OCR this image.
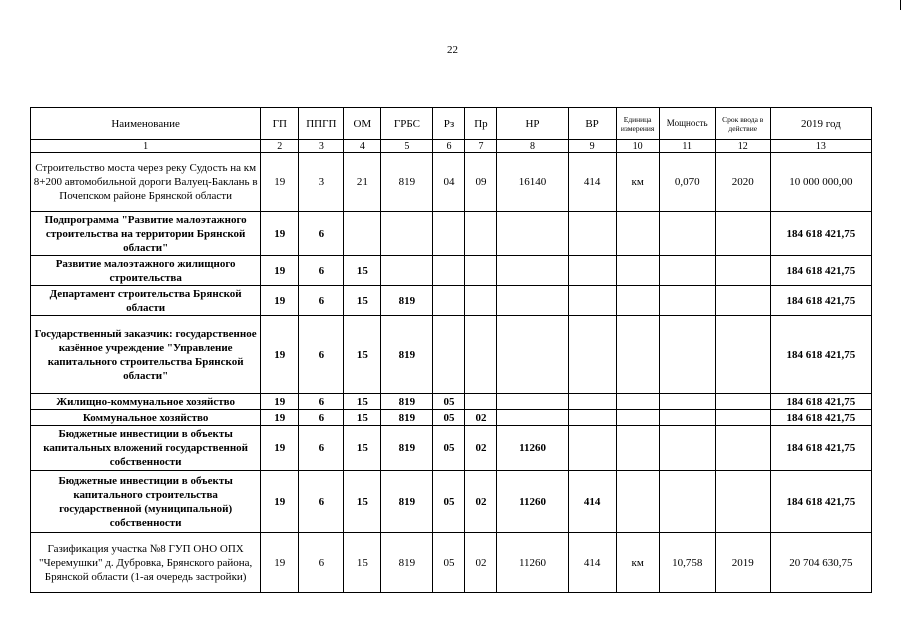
22
Наименование	ГП	ППГП	ОМ	ГРБС	Рз	Пр	НР	ВР	Единица измерения	Мощность	Срок ввода в действие	2019 год
1	2	3	4	5	6	7	8	9	10	11	12	13
Строительство моста через реку Судость на км 8+200 автомобильной дороги Валуец-Баклань в Почепском районе Брянской области	19	3	21	819	04	09	16140	414	км	0,070	2020	10 000 000,00
Подпрограмма "Развитие малоэтажного строительства на территории Брянской области"	19	6										184 618 421,75
Развитие малоэтажного жилищного строительства	19	6	15									184 618 421,75
Департамент строительства Брянской области	19	6	15	819								184 618 421,75
Государственный заказчик: государственное казённое учреждение "Управление капитального строительства Брянской области"	19	6	15	819								184 618 421,75
Жилищно-коммунальное хозяйство	19	6	15	819	05							184 618 421,75
Коммунальное хозяйство	19	6	15	819	05	02						184 618 421,75
Бюджетные инвестиции в объекты капитальных вложений государственной собственности	19	6	15	819	05	02	11260					184 618 421,75
Бюджетные инвестиции в объекты капитального строительства государственной (муниципальной) собственности	19	6	15	819	05	02	11260	414				184 618 421,75
Газификация участка №8 ГУП ОНО ОПХ "Черемушки" д. Дубровка, Брянского района, Брянской области (1-ая очередь застройки)	19	6	15	819	05	02	11260	414	км	10,758	2019	20 704 630,75
